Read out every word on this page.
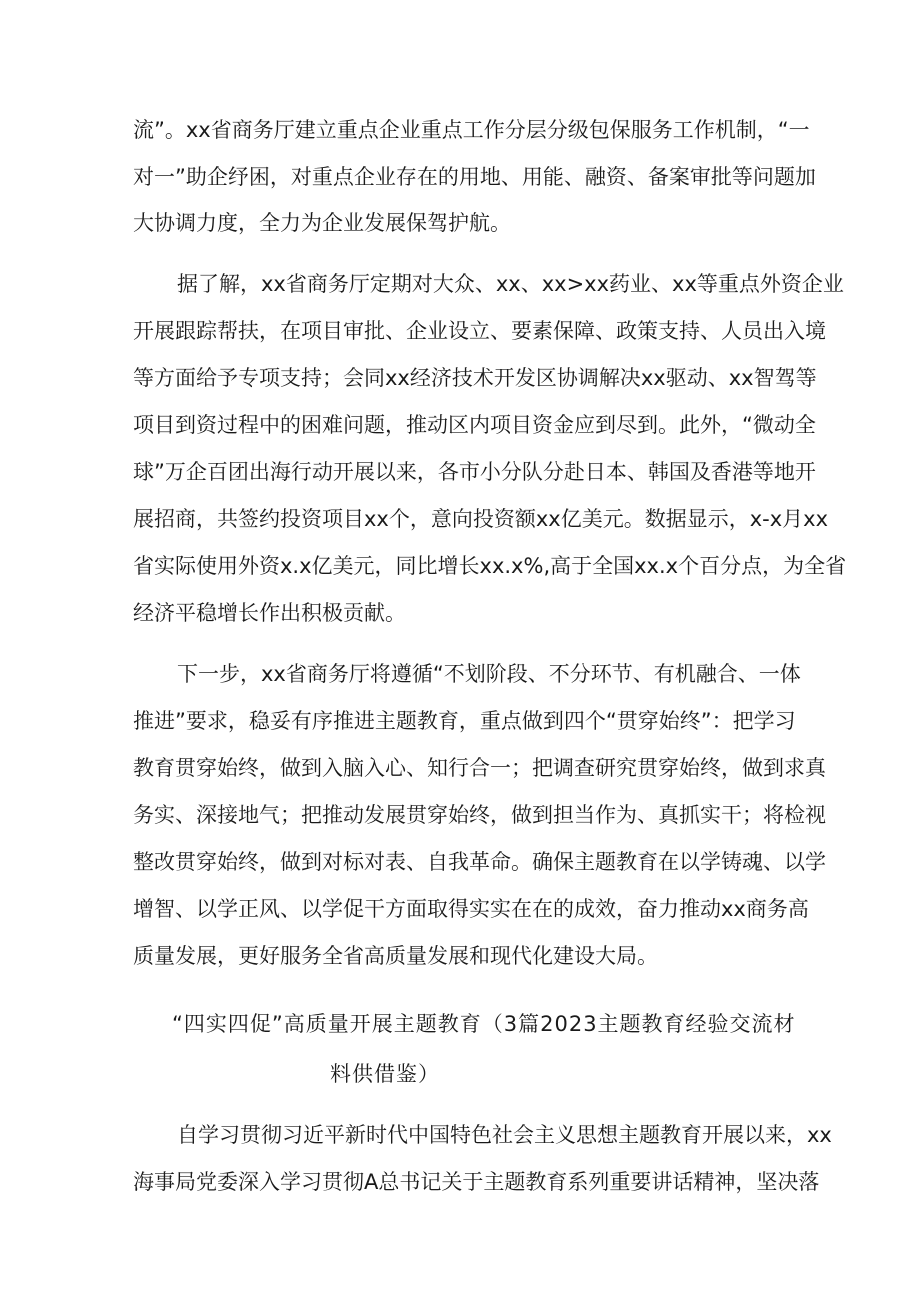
流”。xx省商务厅建立重点企业重点工作分层分级包保服务工作机制，“一
对一”助企纾困，对重点企业存在的用地、用能、融资、备案审批等问题加
大协调力度，全力为企业发展保驾护航。
据了解，xx省商务厅定期对大众、xx、xx>xx药业、xx等重点外资企业
开展跟踪帮扶，在项目审批、企业设立、要素保障、政策支持、人员出入境
等方面给予专项支持；会同xx经济技术开发区协调解决xx驱动、xx智驾等
项目到资过程中的困难问题，推动区内项目资金应到尽到。此外，“微动全
球”万企百团出海行动开展以来，各市小分队分赴日本、韩国及香港等地开
展招商，共签约投资项目xx个，意向投资额xx亿美元。数据显示，x-x月xx
省实际使用外资x.x亿美元，同比增长xx.x%,高于全国xx.x个百分点，为全省
经济平稳增长作出积极贡献。
下一步，xx省商务厅将遵循“不划阶段、不分环节、有机融合、一体
推进”要求，稳妥有序推进主题教育，重点做到四个“贯穿始终”：把学习
教育贯穿始终，做到入脑入心、知行合一；把调查研究贯穿始终，做到求真
务实、深接地气；把推动发展贯穿始终，做到担当作为、真抓实干；将检视
整改贯穿始终，做到对标对表、自我革命。确保主题教育在以学铸魂、以学
增智、以学正风、以学促干方面取得实实在在的成效，奋力推动xx商务高
质量发展，更好服务全省高质量发展和现代化建设大局。
“四实四促”高质量开展主题教育（3篇2023主题教育经验交流材
料供借鉴）
自学习贯彻习近平新时代中国特色社会主义思想主题教育开展以来，xx
海事局党委深入学习贯彻A总书记关于主题教育系列重要讲话精神，坚决落
